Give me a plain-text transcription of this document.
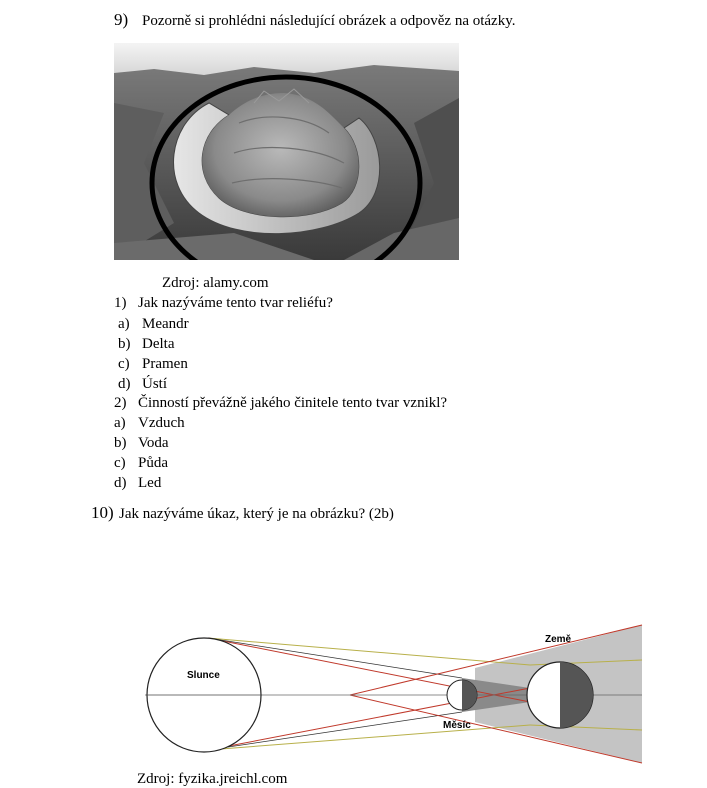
9) Pozorně si prohlédni následující obrázek a odpověz na otázky.
Zdroj: alamy.com
1) Jak nazýváme tento tvar reliéfu?
a) Meandr
b) Delta
c) Pramen
d) Ústí
2) Činností převážně jakého činitele tento tvar vznikl?
a) Vzduch
b) Voda
c) Půda
d) Led
10) Jak nazýváme úkaz, který je na obrázku? (2b)
Slunce
Měsíc
Země
Zdroj: fyzika.jreichl.com
